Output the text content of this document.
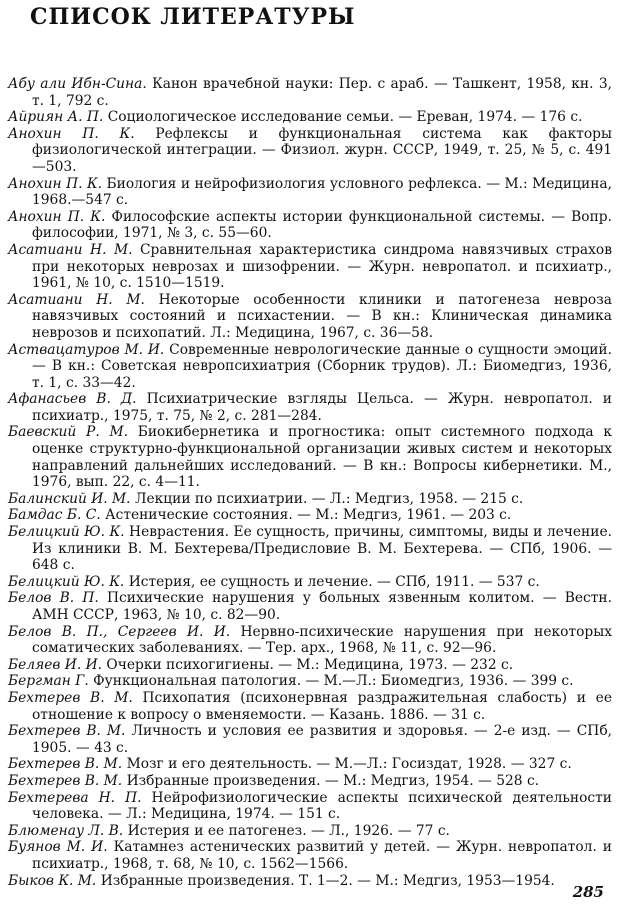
СПИСОК ЛИТЕРАТУРЫ

Абу али Ибн-Сина. Канон врачебной науки: Пер. с араб. — Ташкент, 1958, кн. 3, т. 1, 792 с.

Айриян А. П. Социологическое исследование семьи. — Ереван, 1974. — 176 с.

Анохин П. К. Рефлексы и функциональная система как факторы физиологической интеграции. — Физиол. журн. СССР, 1949, т. 25, № 5, с. 491—503.

Анохин П. К. Биология и нейрофизиология условного рефлекса. — М.: Медицина, 1968.—547 с.

Анохин П. К. Философские аспекты истории функциональной системы. — Вопр. философии, 1971, № 3, с. 55—60.

Асатиани Н. М. Сравнительная характеристика синдрома навязчивых страхов при некоторых неврозах и шизофрении. — Журн. невропатол. и психиатр., 1961, № 10, с. 1510—1519.

Асатиани Н. М. Некоторые особенности клиники и патогенеза невроза навязчивых состояний и психастении. — В кн.: Клиническая динамика неврозов и психопатий. Л.: Медицина, 1967, с. 36—58.

Аствацатуров М. И. Современные неврологические данные о сущности эмоций. — В кн.: Советская невропсихиатрия (Сборник трудов). Л.: Биомедгиз, 1936, т. 1, с. 33—42.

Афанасьев В. Д. Психиатрические взгляды Цельса. — Журн. невропатол. и психиатр., 1975, т. 75, № 2, с. 281—284.

Баевский Р. М. Биокибернетика и прогностика: опыт системного подхода к оценке структурно-функциональной организации живых систем и некоторых направлений дальнейших исследований. — В кн.: Вопросы кибернетики. М., 1976, вып. 22, с. 4—11.

Балинский И. М. Лекции по психиатрии. — Л.: Медгиз, 1958. — 215 с.

Бамдас Б. С. Астенические состояния. — М.: Медгиз, 1961. — 203 с.

Белицкий Ю. К. Неврастения. Ее сущность, причины, симптомы, виды и лечение. Из клиники В. М. Бехтерева/Предисловие В. М. Бехтерева. — СПб, 1906. — 648 с.

Белицкий Ю. К. Истерия, ее сущность и лечение. — СПб, 1911. — 537 с.

Белов В. П. Психические нарушения у больных язвенным колитом. — Вестн. АМН СССР, 1963, № 10, с. 82—90.

Белов В. П., Сергеев И. И. Нервно-психические нарушения при некоторых соматических заболеваниях. — Тер. арх., 1968, № 11, с. 92—96.

Беляев И. И. Очерки психогигиены. — М.: Медицина, 1973. — 232 с.

Бергман Г. Функциональная патология. — М.—Л.: Биомедгиз, 1936. — 399 с.

Бехтерев В. М. Психопатия (психонервная раздражительная слабость) и ее отношение к вопросу о вменяемости. — Казань. 1886. — 31 с.

Бехтерев В. М. Личность и условия ее развития и здоровья. — 2-е изд. — СПб, 1905. — 43 с.

Бехтерев В. М. Мозг и его деятельность. — М.—Л.: Госиздат, 1928. — 327 с.

Бехтерев В. М. Избранные произведения. — М.: Медгиз, 1954. — 528 с.

Бехтерева Н. П. Нейрофизиологические аспекты психической деятельности человека. — Л.: Медицина, 1974. — 151 с.

Блюменау Л. В. Истерия и ее патогенез. — Л., 1926. — 77 с.

Буянов М. И. Катамнез астенических развитий у детей. — Журн. невропатол. и психиатр., 1968, т. 68, № 10, с. 1562—1566.

Быков К. М. Избранные произведения. Т. 1—2. — М.: Медгиз, 1953—1954.

285
